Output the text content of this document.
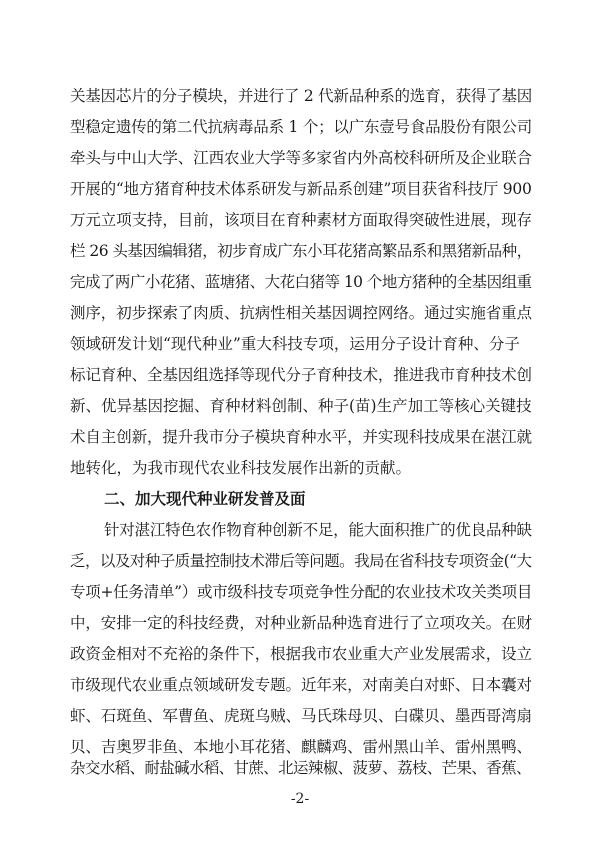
关基因芯片的分子模块，并进行了 2 代新品种系的选育，获得了基因
型稳定遗传的第二代抗病毒品系 1 个；以广东壹号食品股份有限公司
牵头与中山大学、江西农业大学等多家省内外高校科研所及企业联合
开展的“地方猪育种技术体系研发与新品系创建”项目获省科技厅 900
万元立项支持，目前，该项目在育种素材方面取得突破性进展，现存
栏 26 头基因编辑猪，初步育成广东小耳花猪高繁品系和黑猪新品种，
完成了两广小花猪、蓝塘猪、大花白猪等 10 个地方猪种的全基因组重
测序，初步探索了肉质、抗病性相关基因调控网络。通过实施省重点
领域研发计划“现代种业”重大科技专项，运用分子设计育种、分子
标记育种、全基因组选择等现代分子育种技术，推进我市育种技术创
新、优异基因挖掘、育种材料创制、种子(苗)生产加工等核心关键技
术自主创新，提升我市分子模块育种水平，并实现科技成果在湛江就
地转化，为我市现代农业科技发展作出新的贡献。
二、加大现代种业研发普及面
针对湛江特色农作物育种创新不足，能大面积推广的优良品种缺
乏，以及对种子质量控制技术滞后等问题。我局在省科技专项资金(“大
专项+任务清单”）或市级科技专项竞争性分配的农业技术攻关类项目
中，安排一定的科技经费，对种业新品种选育进行了立项攻关。在财
政资金相对不充裕的条件下，根据我市农业重大产业发展需求，设立
市级现代农业重点领域研发专题。近年来，对南美白对虾、日本囊对
虾、石斑鱼、军曹鱼、虎斑乌贼、马氏珠母贝、白碟贝、墨西哥湾扇
贝、吉奥罗非鱼、本地小耳花猪、麒麟鸡、雷州黑山羊、雷州黑鸭、
杂交水稻、耐盐碱水稻、甘蔗、北运辣椒、菠萝、荔枝、芒果、香蕉、
-2-
